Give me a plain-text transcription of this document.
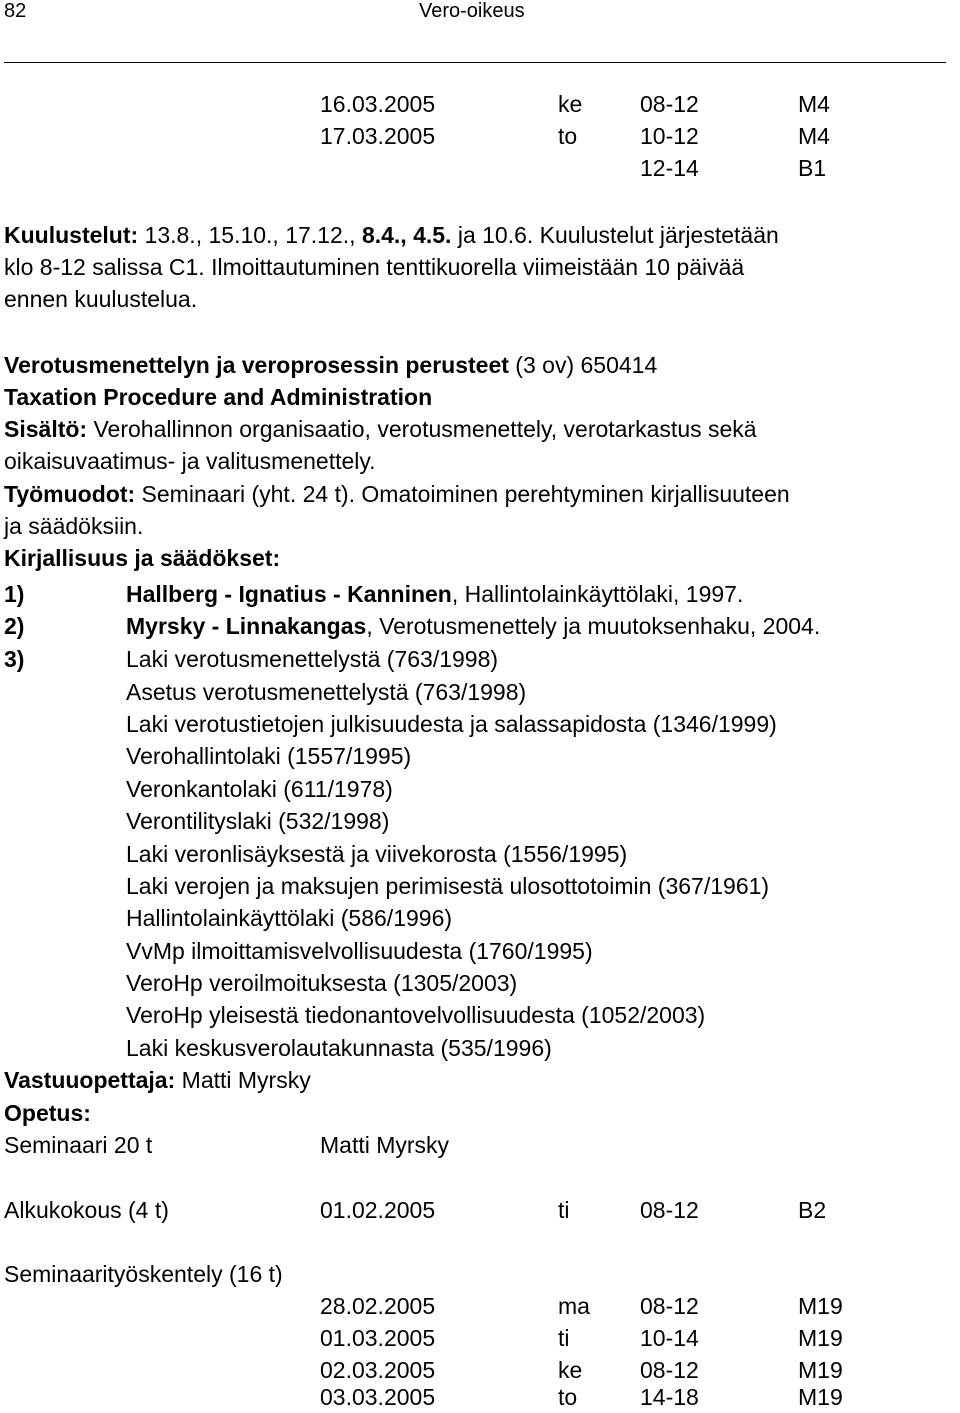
82	Vero-oikeus
16.03.2005	ke	08-12	M4
17.03.2005	to	10-12	M4
12-14	B1
Kuulustelut: 13.8., 15.10., 17.12., 8.4., 4.5. ja 10.6. Kuulustelut järjestetään
klo 8-12 salissa C1. Ilmoittautuminen tenttikuorella viimeistään 10 päivää
ennen kuulustelua.
Verotusmenettelyn ja veroprosessin perusteet (3 ov) 650414
Taxation Procedure and Administration
Sisältö: Verohallinnon organisaatio, verotusmenettely, verotarkastus sekä
oikaisuvaatimus- ja valitusmenettely.
Työmuodot: Seminaari (yht. 24 t). Omatoiminen perehtyminen kirjallisuuteen
ja säädöksiin.
Kirjallisuus ja säädökset:
1)	Hallberg - Ignatius - Kanninen, Hallintolainkäyttölaki, 1997.
2)	Myrsky - Linnakangas, Verotusmenettely ja muutoksenhaku, 2004.
3)	Laki verotusmenettelystä (763/1998)
Asetus verotusmenettelystä (763/1998)
Laki verotustietojen julkisuudesta ja salassapidosta (1346/1999)
Verohallintolaki (1557/1995)
Veronkantolaki (611/1978)
Verontilityslaki (532/1998)
Laki veronlisäyksestä ja viivekorosta (1556/1995)
Laki verojen ja maksujen perimisestä ulosottotoimin (367/1961)
Hallintolainkäyttölaki (586/1996)
VvMp ilmoittamisvelvollisuudesta (1760/1995)
VeroHp veroilmoituksesta (1305/2003)
VeroHp yleisestä tiedonantovelvollisuudesta (1052/2003)
Laki keskusverolautakunnasta (535/1996)
Vastuuopettaja: Matti Myrsky
Opetus:
Seminaari 20 t	Matti Myrsky
Alkukokous (4 t)	01.02.2005	ti	08-12	B2
Seminaarityöskentely (16 t)
28.02.2005	ma 08-12	M19
01.03.2005	ti	10-14	M19
02.03.2005	ke	08-12	M19
03.03.2005	to	14-18	M19
